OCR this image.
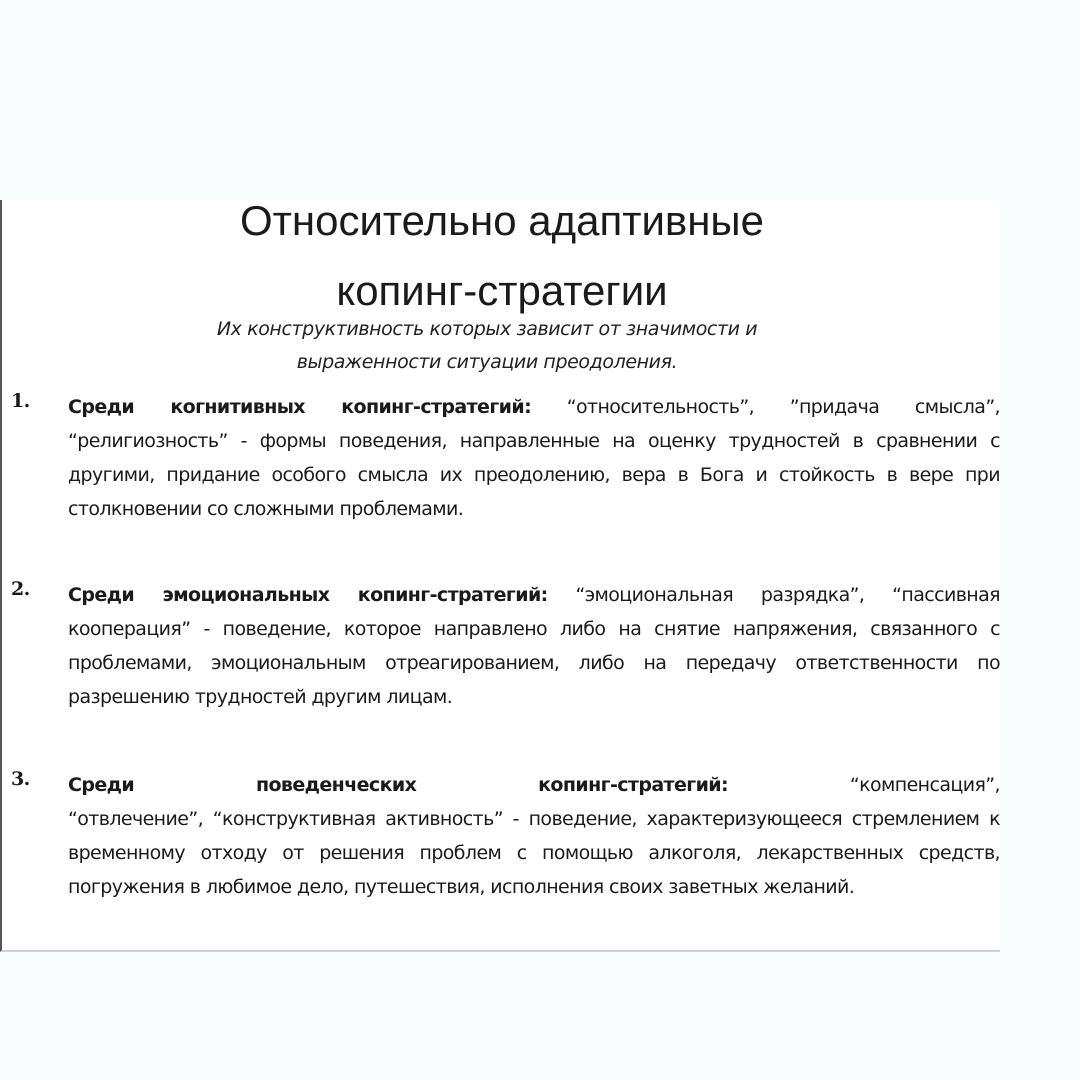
Относительно адаптивные
копинг-стратегии
Их конструктивность которых зависит от значимости и
выраженности ситуации преодоления.
1. Среди когнитивных копинг-стратегий: “относительность”, ”придача смысла”, “религиозность” - формы поведения, направленные на оценку трудностей в сравнении с другими, придание особого смысла их преодолению, вера в Бога и стойкость в вере при столкновении со сложными проблемами.
2. Среди эмоциональных копинг-стратегий: “эмоциональная разрядка”, “пассивная кооперация” - поведение, которое направлено либо на снятие напряжения, связанного с проблемами, эмоциональным отреагированием, либо на передачу ответственности по разрешению трудностей другим лицам.
3. Среди	поведенческих	копинг-стратегий:	“компенсация”,
“отвлечение”, “конструктивная активность” - поведение, характеризующееся стремлением к временному отходу от решения проблем с помощью алкоголя, лекарственных средств, погружения в любимое дело, путешествия, исполнения своих заветных желаний.
